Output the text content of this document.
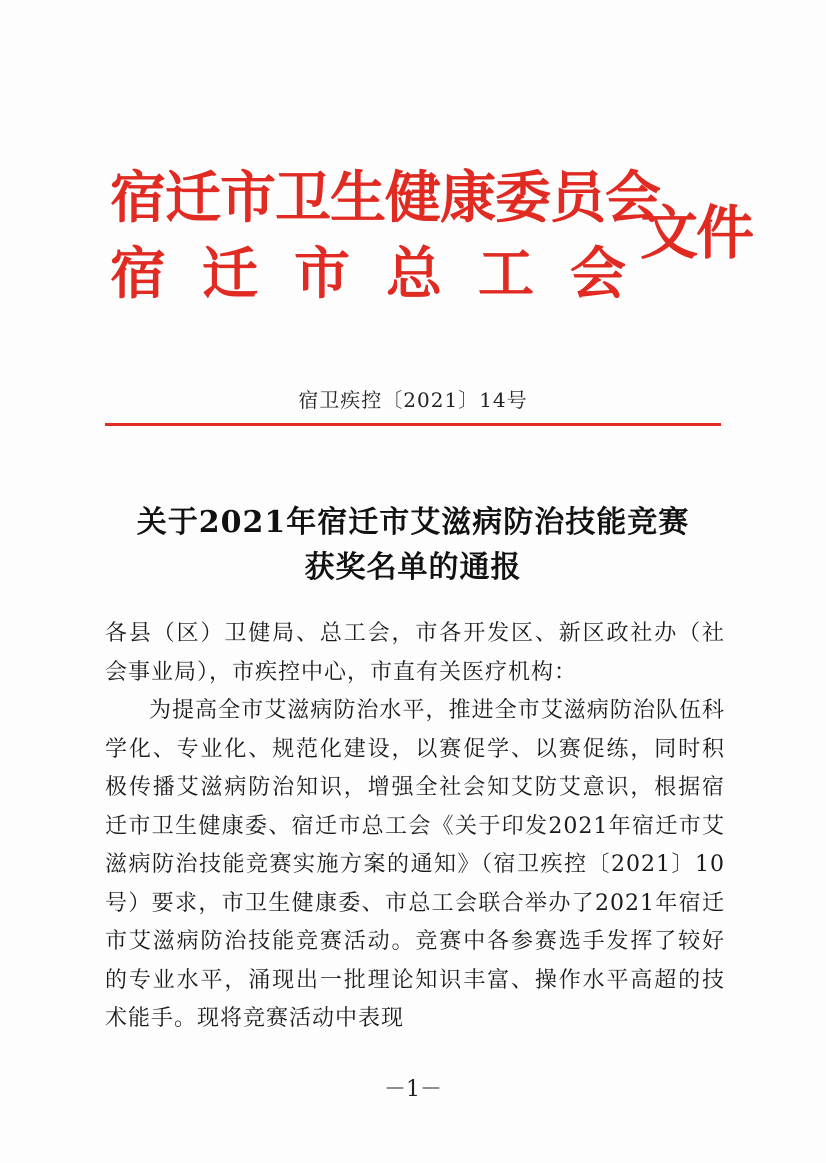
宿迁市卫生健康委员会
宿迁市总工会
文件
宿卫疾控〔2021〕14号
关于2021年宿迁市艾滋病防治技能竞赛
获奖名单的通报

各县（区）卫健局、总工会，市各开发区、新区政社办（社会事业局），市疾控中心，市直有关医疗机构：

为提高全市艾滋病防治水平，推进全市艾滋病防治队伍科学化、专业化、规范化建设，以赛促学、以赛促练，同时积极传播艾滋病防治知识，增强全社会知艾防艾意识，根据宿迁市卫生健康委、宿迁市总工会《关于印发2021年宿迁市艾滋病防治技能竞赛实施方案的通知》（宿卫疾控〔2021〕10号）要求，市卫生健康委、市总工会联合举办了2021年宿迁市艾滋病防治技能竞赛活动。竞赛中各参赛选手发挥了较好的专业水平，涌现出一批理论知识丰富、操作水平高超的技术能手。现将竞赛活动中表现

－1－
